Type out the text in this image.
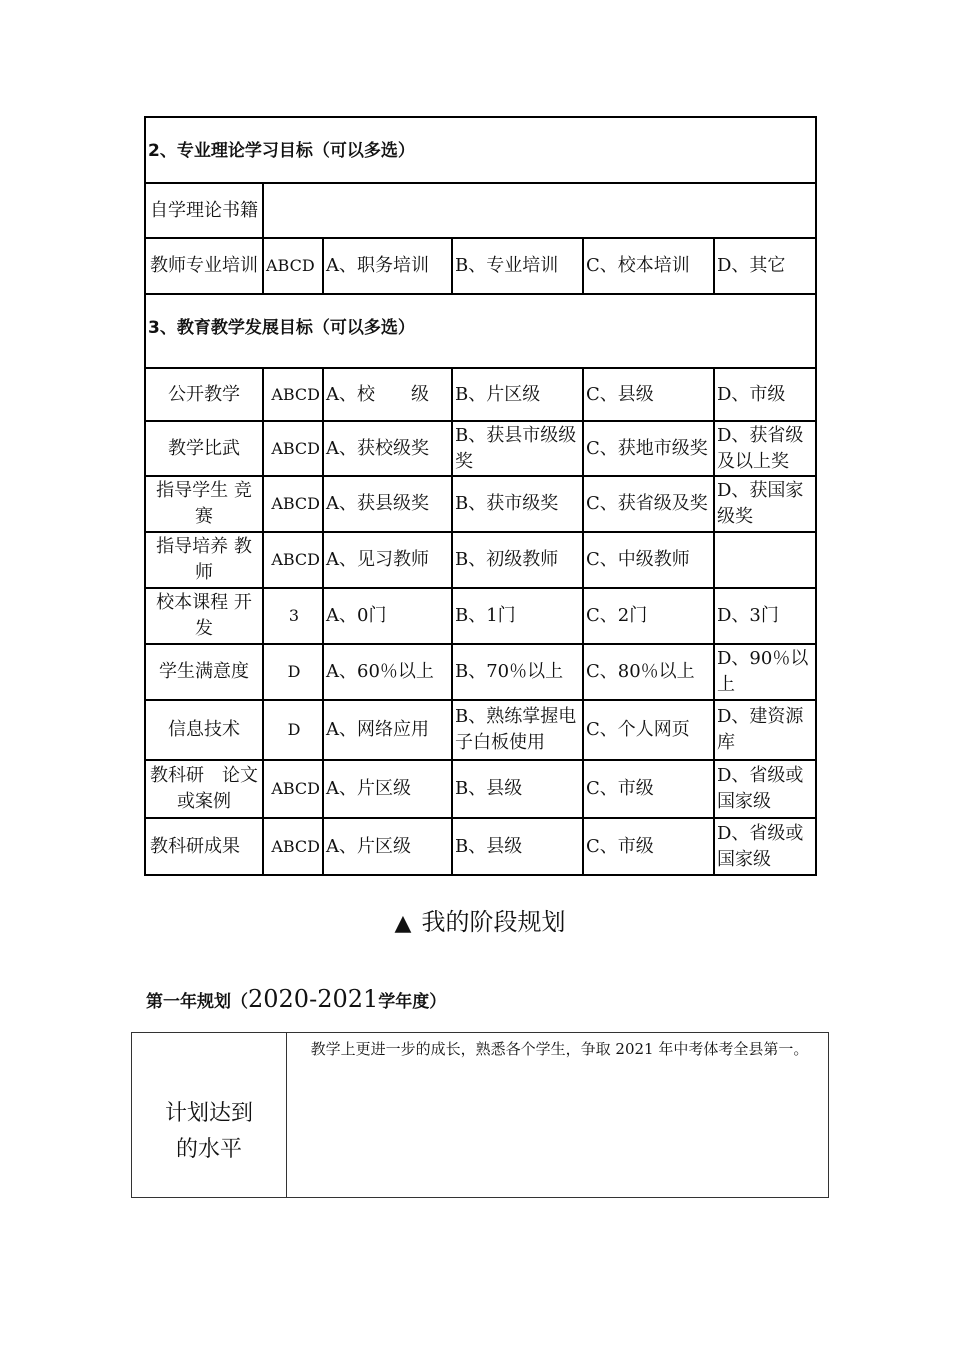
2、专业理论学习目标（可以多选）					
自学理论书籍					
教师专业培训	ABCD	A、职务培训	B、专业培训	C、校本培训	D、其它
3、教育教学发展目标（可以多选）					
公开教学	ABCD	A、校　　级	B、片区级	C、县级	D、市级
教学比武	ABCD	A、获校级奖	B、获县市级级奖	C、获地市级奖	D、获省级及以上奖
指导学生 竞赛	ABCD	A、获县级奖	B、获市级奖	C、获省级及奖	D、获国家级奖
指导培养 教师	ABCD	A、见习教师	B、初级教师	C、中级教师	
校本课程 开发	3	A、0门	B、1门	C、2门	D、3门
学生满意度	D	A、60％以上	B、70％以上	C、80％以上	D、90％以上
信息技术	D	A、网络应用	B、熟练掌握电子白板使用	C、个人网页	D、建资源库
教科研　论文或案例	ABCD	A、片区级	B、县级	C、市级	D、省级或国家级
教科研成果	ABCD	A、片区级	B、县级	C、市级	D、省级或国家级
▲ 我的阶段规划
第一年规划（2020-2021学年度）
计划达到的水平
	教学上更进一步的成长，熟悉各个学生，争取 2021 年中考体考全县第一。
